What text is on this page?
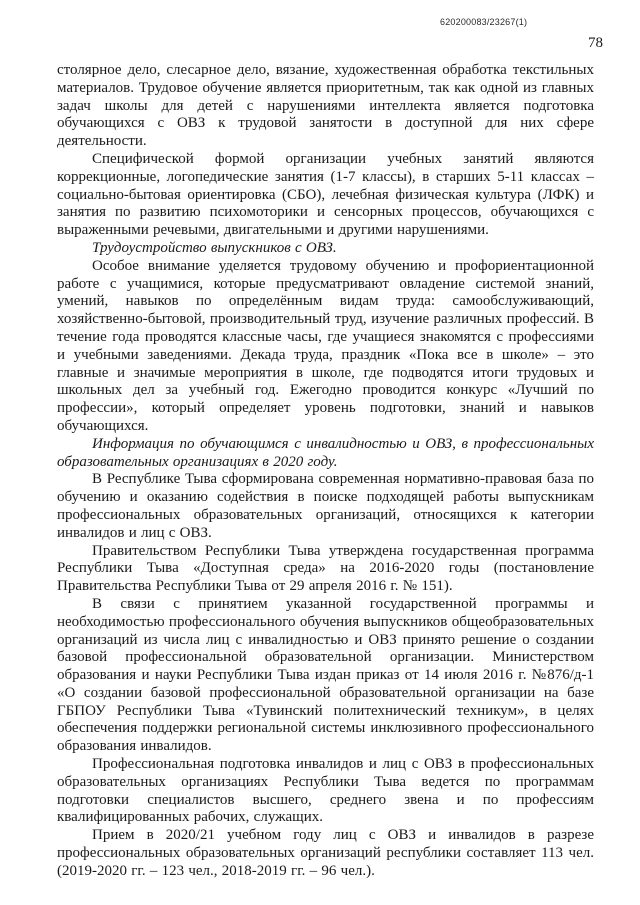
620200083/23267(1)
78

столярное дело, слесарное дело, вязание, художественная обработка текстильных материалов. Трудовое обучение является приоритетным, так как одной из главных задач школы для детей с нарушениями интеллекта является подготовка обучающихся с ОВЗ к трудовой занятости в доступной для них сфере деятельности.

Специфической формой организации учебных занятий являются коррекционные, логопедические занятия (1-7 классы), в старших 5-11 классах – социально-бытовая ориентировка (СБО), лечебная физическая культура (ЛФК) и занятия по развитию психомоторики и сенсорных процессов, обучающихся с выраженными речевыми, двигательными и другими нарушениями.

Трудоустройство выпускников с ОВЗ.

Особое внимание уделяется трудовому обучению и профориентационной работе с учащимися, которые предусматривают овладение системой знаний, умений, навыков по определённым видам труда: самообслуживающий, хозяйственно-бытовой, производительный труд, изучение различных профессий. В течение года проводятся классные часы, где учащиеся знакомятся с профессиями и учебными заведениями. Декада труда, праздник «Пока все в школе» – это главные и значимые мероприятия в школе, где подводятся итоги трудовых и школьных дел за учебный год. Ежегодно проводится конкурс «Лучший по профессии», который определяет уровень подготовки, знаний и навыков обучающихся.

Информация по обучающимся с инвалидностью и ОВЗ, в профессиональных образовательных организациях в 2020 году.

В Республике Тыва сформирована современная нормативно-правовая база по обучению и оказанию содействия в поиске подходящей работы выпускникам профессиональных образовательных организаций, относящихся к категории инвалидов и лиц с ОВЗ.

Правительством Республики Тыва утверждена государственная программа Республики Тыва «Доступная среда» на 2016-2020 годы (постановление Правительства Республики Тыва от 29 апреля 2016 г. № 151).

В связи с принятием указанной государственной программы и необходимостью профессионального обучения выпускников общеобразовательных организаций из числа лиц с инвалидностью и ОВЗ принято решение о создании базовой профессиональной образовательной организации. Министерством образования и науки Республики Тыва издан приказ от 14 июля 2016 г. №876/д-1 «О создании базовой профессиональной образовательной организации на базе ГБПОУ Республики Тыва «Тувинский политехнический техникум», в целях обеспечения поддержки региональной системы инклюзивного профессионального образования инвалидов.

Профессиональная подготовка инвалидов и лиц с ОВЗ в профессиональных образовательных организациях Республики Тыва ведется по программам подготовки специалистов высшего, среднего звена и по профессиям квалифицированных рабочих, служащих.

Прием в 2020/21 учебном году лиц с ОВЗ и инвалидов в разрезе профессиональных образовательных организаций республики составляет 113 чел. (2019-2020 гг. – 123 чел., 2018-2019 гг. – 96 чел.).
